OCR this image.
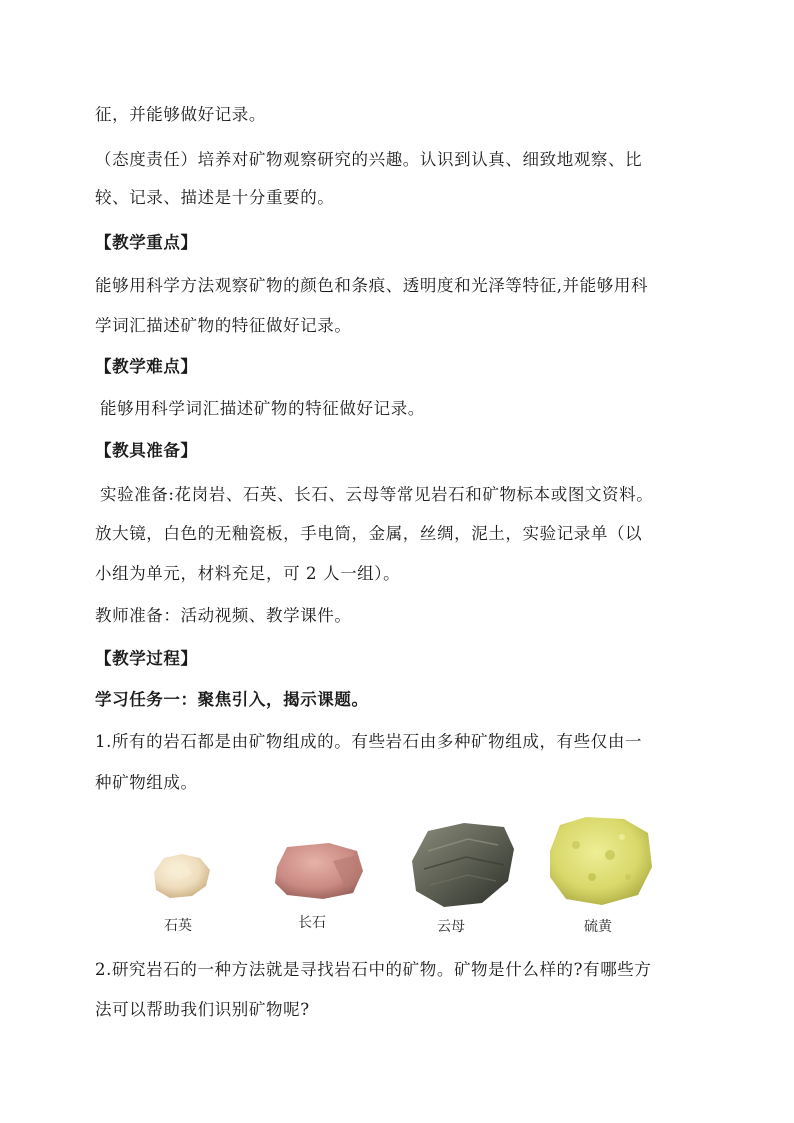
征，并能够做好记录。
（态度责任）培养对矿物观察研究的兴趣。认识到认真、细致地观察、比
较、记录、描述是十分重要的。
【教学重点】
能够用科学方法观察矿物的颜色和条痕、透明度和光泽等特征,并能够用科
学词汇描述矿物的特征做好记录。
【教学难点】
能够用科学词汇描述矿物的特征做好记录。
【教具准备】
实验准备:花岗岩、石英、长石、云母等常见岩石和矿物标本或图文资料。
放大镜，白色的无釉瓷板，手电筒，金属，丝绸，泥土，实验记录单（以
小组为单元，材料充足，可 2 人一组）。
教师准备：活动视频、教学课件。
【教学过程】
学习任务一：聚焦引入，揭示课题。
1.所有的岩石都是由矿物组成的。有些岩石由多种矿物组成，有些仅由一
种矿物组成。
石英	长石	云母	硫黄
2.研究岩石的一种方法就是寻找岩石中的矿物。矿物是什么样的?有哪些方
法可以帮助我们识别矿物呢?
